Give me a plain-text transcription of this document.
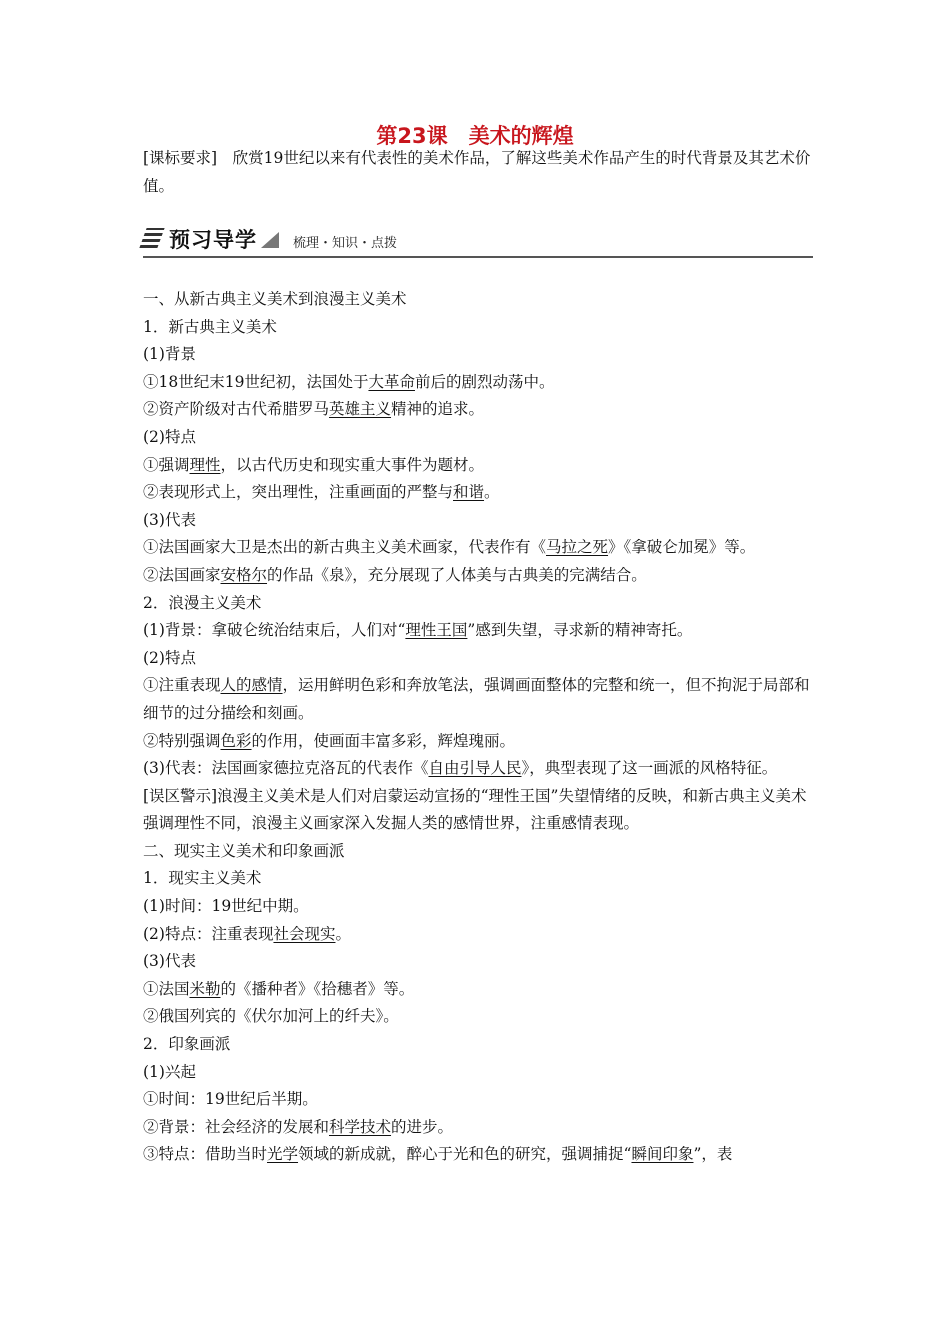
第23课　美术的辉煌
[课标要求]　欣赏19世纪以来有代表性的美术作品，了解这些美术作品产生的时代背景及其艺术价值。
预习导学	梳理・知识・点拨
一、从新古典主义美术到浪漫主义美术
1．新古典主义美术
(1)背景
①18世纪末19世纪初，法国处于大革命前后的剧烈动荡中。
②资产阶级对古代希腊罗马英雄主义精神的追求。
(2)特点
①强调理性，以古代历史和现实重大事件为题材。
②表现形式上，突出理性，注重画面的严整与和谐。
(3)代表
①法国画家大卫是杰出的新古典主义美术画家，代表作有《马拉之死》《拿破仑加冕》等。
②法国画家安格尔的作品《泉》，充分展现了人体美与古典美的完满结合。
2．浪漫主义美术
(1)背景：拿破仑统治结束后，人们对“理性王国”感到失望，寻求新的精神寄托。
(2)特点
①注重表现人的感情，运用鲜明色彩和奔放笔法，强调画面整体的完整和统一，但不拘泥于局部和细节的过分描绘和刻画。
②特别强调色彩的作用，使画面丰富多彩，辉煌瑰丽。
(3)代表：法国画家德拉克洛瓦的代表作《自由引导人民》，典型表现了这一画派的风格特征。
[误区警示]浪漫主义美术是人们对启蒙运动宣扬的“理性王国”失望情绪的反映，和新古典主义美术强调理性不同，浪漫主义画家深入发掘人类的感情世界，注重感情表现。
二、现实主义美术和印象画派
1．现实主义美术
(1)时间：19世纪中期。
(2)特点：注重表现社会现实。
(3)代表
①法国米勒的《播种者》《拾穗者》等。
②俄国列宾的《伏尔加河上的纤夫》。
2．印象画派
(1)兴起
①时间：19世纪后半期。
②背景：社会经济的发展和科学技术的进步。
③特点：借助当时光学领域的新成就，醉心于光和色的研究，强调捕捉“瞬间印象”，表
